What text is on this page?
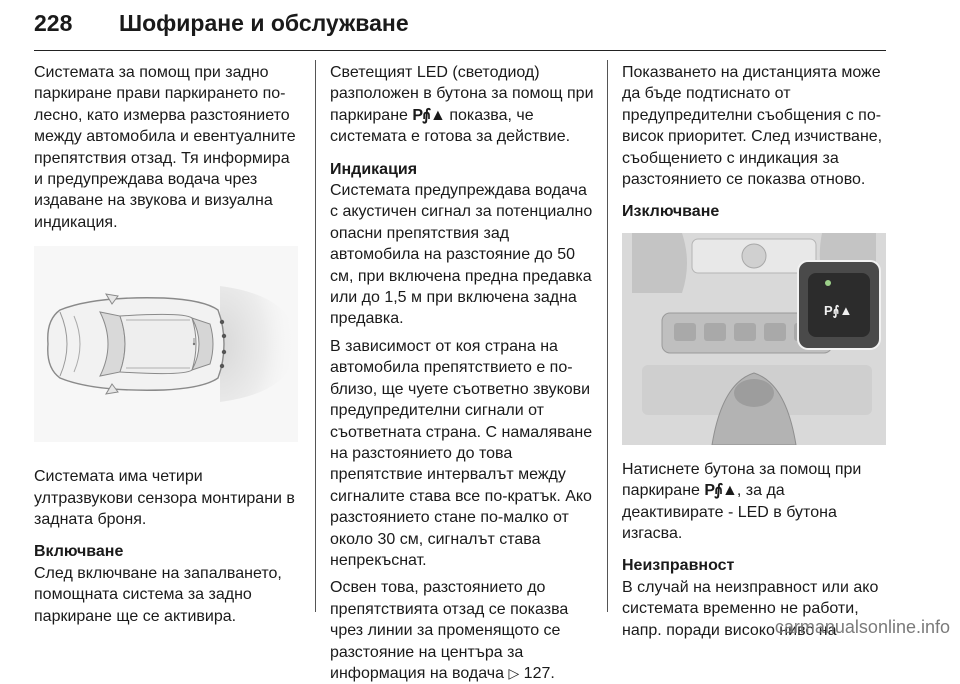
228 Шофиране и обслужване

Системата за помощ при задно паркиране прави паркирането по-лесно, като измерва разстоянието между автомобила и евентуалните препятствия отзад. Тя информира и предупреждава водача чрез издаване на звукова и визуална индикация.

Системата има четири ултразвукови сензора монтирани в задната броня.

Включване

След включване на запалването, помощната система за задно паркиране ще се активира.

Светещият LED (светодиод) разположен в бутона за помощ при паркиране P⨙▲ показва, че системата е готова за действие.

Индикация

Системата предупреждава водача с акустичен сигнал за потенциално опасни препятствия зад автомобила на разстояние до 50 см, при включена предна предавка или до 1,5 м при включена задна предавка.

В зависимост от коя страна на автомобила препятствието е по-близо, ще чуете съответно звукови предупредителни сигнали от съответната страна. С намаляване на разстоянието до това препятствие интервалът между сигналите става все по-кратък. Ако разстоянието стане по-малко от около 30 см, сигналът става непрекъснат.

Освен това, разстоянието до препятствията отзад се показва чрез линии за променящото се разстояние на центъра за информация на водача ▷ 127.

Показването на дистанцията може да бъде подтиснато от предупредителни съобщения с по-висок приоритет. След изчистване, съобщението с индикация за разстоянието се показва отново.

Изключване

P⨙▲

Натиснете бутона за помощ при паркиране P⨙▲, за да деактивирате - LED в бутона изгасва.

Неизправност

В случай на неизправност или ако системата временно не работи, напр. поради високо ниво на

carmanualsonline.info
